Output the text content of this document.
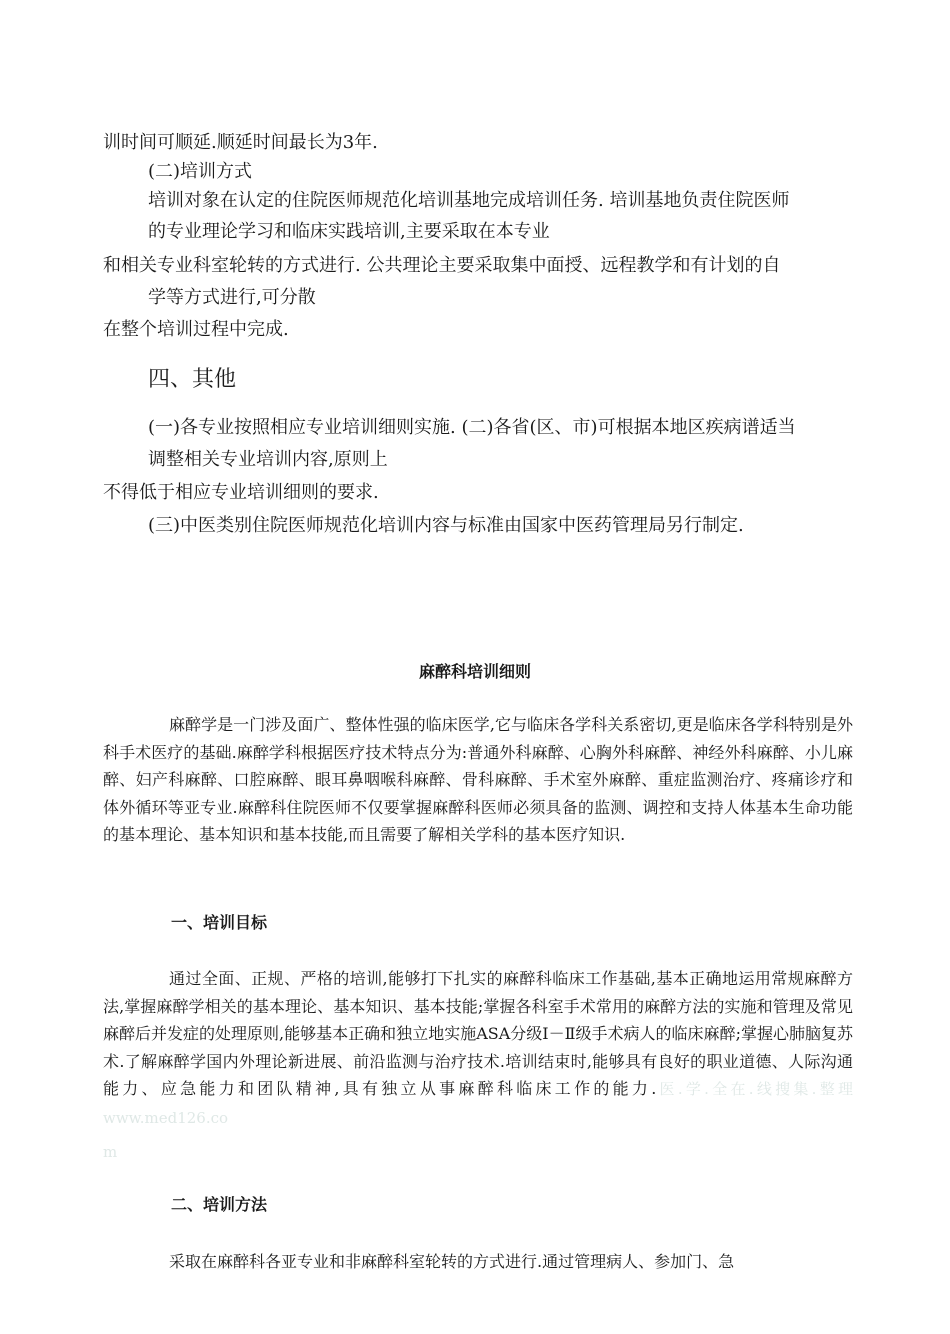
训时间可顺延.顺延时间最长为3年.

(二)培训方式

培训对象在认定的住院医师规范化培训基地完成培训任务. 培训基地负责住院医师

的专业理论学习和临床实践培训,主要采取在本专业

和相关专业科室轮转的方式进行. 公共理论主要采取集中面授、远程教学和有计划的自

学等方式进行,可分散

在整个培训过程中完成.

四、其他

(一)各专业按照相应专业培训细则实施. (二)各省(区、市)可根据本地区疾病谱适当

调整相关专业培训内容,原则上

不得低于相应专业培训细则的要求.

(三)中医类别住院医师规范化培训内容与标准由国家中医药管理局另行制定.

麻醉科培训细则

麻醉学是一门涉及面广、整体性强的临床医学,它与临床各学科关系密切,更是临床各学科特别是外科手术医疗的基础.麻醉学科根据医疗技术特点分为:普通外科麻醉、心胸外科麻醉、神经外科麻醉、小儿麻醉、妇产科麻醉、口腔麻醉、眼耳鼻咽喉科麻醉、骨科麻醉、手术室外麻醉、重症监测治疗、疼痛诊疗和体外循环等亚专业.麻醉科住院医师不仅要掌握麻醉科医师必须具备的监测、调控和支持人体基本生命功能的基本理论、基本知识和基本技能,而且需要了解相关学科的基本医疗知识.

一、培训目标

通过全面、正规、严格的培训,能够打下扎实的麻醉科临床工作基础,基本正确地运用常规麻醉方法,掌握麻醉学相关的基本理论、基本知识、基本技能;掌握各科室手术常用的麻醉方法的实施和管理及常见麻醉后并发症的处理原则,能够基本正确和独立地实施ASA分级Ⅰ－Ⅱ级手术病人的临床麻醉;掌握心肺脑复苏术.了解麻醉学国内外理论新进展、前沿监测与治疗技术.培训结束时,能够具有良好的职业道德、人际沟通能力、应急能力和团队精神,具有独立从事麻醉科临床工作的能力.医.学.全在.线搜集.整理　　www.med126.co

m

二、培训方法

采取在麻醉科各亚专业和非麻醉科室轮转的方式进行.通过管理病人、参加门、急
